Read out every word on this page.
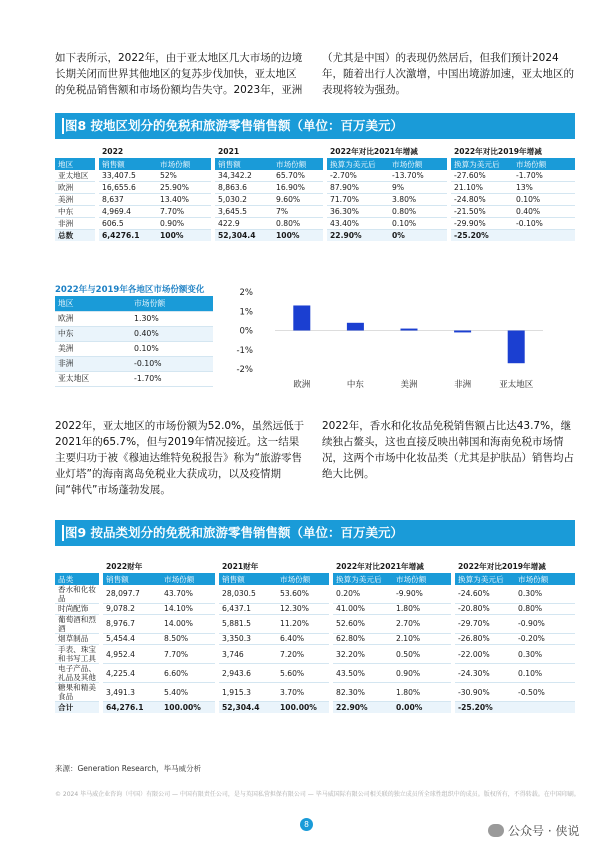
如下表所示，2022年，由于亚太地区几大市场的边境长期关闭而世界其他地区的复苏步伐加快，亚太地区的免税品销售额和市场份额均告失守。2023年，亚洲
（尤其是中国）的表现仍然居后，但我们预计2024年，随着出行人次激增，中国出境游加速，亚太地区的表现将较为强劲。
图8 按地区划分的免税和旅游零售销售额（单位：百万美元）
	2022		2021		2022年对比2021年增减		2022年对比2019年增减	
地区	销售额	市场份额	销售额	市场份额	换算为美元后	市场份额	换算为美元后	市场份额
亚太地区	33,407.5	52%	34,342.2	65.70%	-2.70%	-13.70%	-27.60%	-1.70%
欧洲	16,655.6	25.90%	8,863.6	16.90%	87.90%	9%	21.10%	13%
美洲	8,637	13.40%	5,030.2	9.60%	71.70%	3.80%	-24.80%	0.10%
中东	4,969.4	7.70%	3,645.5	7%	36.30%	0.80%	-21.50%	0.40%
非洲	606.5	0.90%	422.9	0.80%	43.40%	0.10%	-29.90%	-0.10%
总数	6,4276.1	100%	52,304.4	100%	22.90%	0%	-25.20%	
2022年与2019年各地区市场份额变化
地区	市场份额
欧洲	1.30%
中东	0.40%
美洲	0.10%
非洲	-0.10%
亚太地区	-1.70%
2%
1%
0%
-1%
-2%
欧洲	中东	美洲	非洲	亚太地区
2022年，亚太地区的市场份额为52.0%，虽然远低于2021年的65.7%，但与2019年情况接近。这一结果主要归功于被《穆迪达维特免税报告》称为“旅游零售业灯塔”的海南离岛免税业大获成功，以及疫情期间“韩代”市场蓬勃发展。
2022年，香水和化妆品免税销售额占比达43.7%，继续独占鳌头，这也直接反映出韩国和海南免税市场情况，这两个市场中化妆品类（尤其是护肤品）销售均占绝大比例。
图9 按品类划分的免税和旅游零售销售额（单位：百万美元）
	2022财年		2021财年		2022年对比2021年增减		2022年对比2019年增减	
品类	销售额	市场份额	销售额	市场份额	换算为美元后	市场份额	换算为美元后	市场份额
香水和化妆品	28,097.7	43.70%	28,030.5	53.60%	0.20%	-9.90%	-24.60%	0.30%
时尚配饰	9,078.2	14.10%	6,437.1	12.30%	41.00%	1.80%	-20.80%	0.80%
葡萄酒和烈酒	8,976.7	14.00%	5,881.5	11.20%	52.60%	2.70%	-29.70%	-0.90%
烟草制品	5,454.4	8.50%	3,350.3	6.40%	62.80%	2.10%	-26.80%	-0.20%
手表、珠宝和书写工具	4,952.4	7.70%	3,746	7.20%	32.20%	0.50%	-22.00%	0.30%
电子产品、礼品及其他	4,225.4	6.60%	2,943.6	5.60%	43.50%	0.90%	-24.30%	0.10%
糖果和精美食品	3,491.3	5.40%	1,915.3	3.70%	82.30%	1.80%	-30.90%	-0.50%
合计	64,276.1	100.00%	52,304.4	100.00%	22.90%	0.00%	-25.20%	
来源：Generation Research，毕马威分析
© 2024 毕马威企业咨询（中国）有限公司 — 中国有限责任公司，是与英国私营担保有限公司 — 毕马威国际有限公司相关联的独立成员所全球性组织中的成员。版权所有，不得转载。在中国印刷。
8	公众号 · 侠说
